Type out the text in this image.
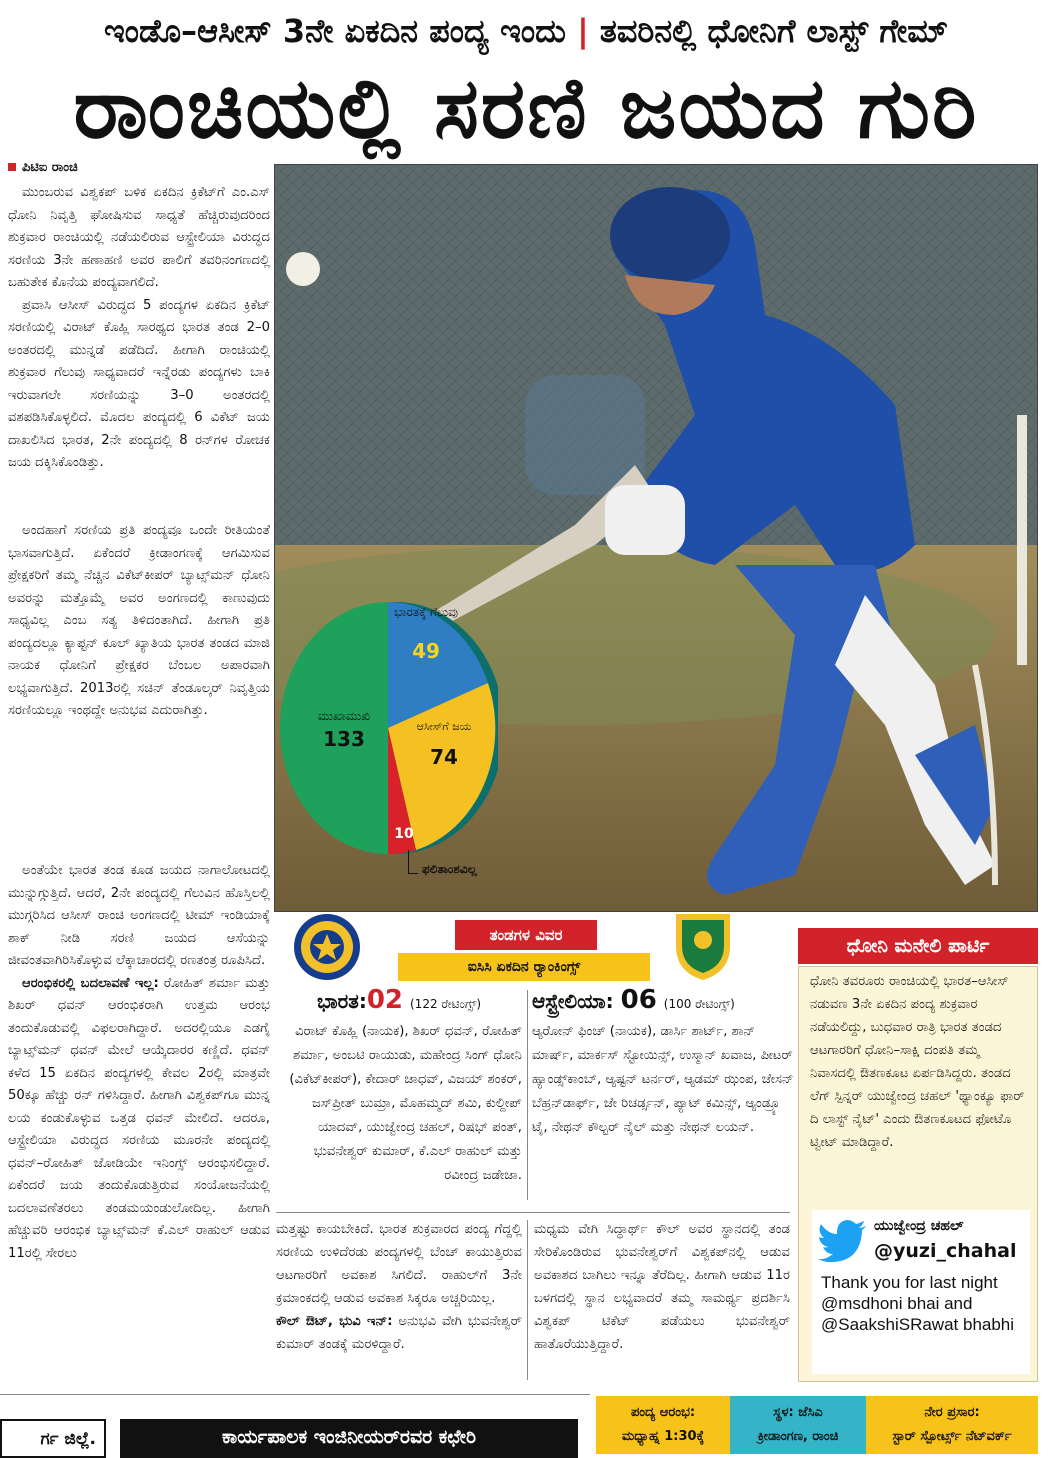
ಇಂಡೊ–ಆಸೀಸ್ 3ನೇ ಏಕದಿನ ಪಂದ್ಯ ಇಂದು | ತವರಿನಲ್ಲಿ ಧೋನಿಗೆ ಲಾಸ್ಟ್ ಗೇಮ್
ರಾಂಚಿಯಲ್ಲಿ ಸರಣಿ ಜಯದ ಗುರಿ
ಪಿಟಿಐ ರಾಂಚಿ

ಮುಂಬರುವ ವಿಶ್ವಕಪ್ ಬಳಿಕ ಏಕದಿನ ಕ್ರಿಕೆಟ್‌ಗೆ ಎಂ.ಎಸ್ ಧೋನಿ ನಿವೃತ್ತಿ ಘೋಷಿಸುವ ಸಾಧ್ಯತೆ ಹೆಚ್ಚಿರುವುದರಿಂದ ಶುಕ್ರವಾರ ರಾಂಚಿಯಲ್ಲಿ ನಡೆಯಲಿರುವ ಆಸ್ಟ್ರೇಲಿಯಾ ವಿರುದ್ಧದ ಸರಣಿಯ 3ನೇ ಹಣಾಹಣಿ ಅವರ ಪಾಲಿಗೆ ತವರಿನಂಗಣದಲ್ಲಿ ಬಹುತೇಕ ಕೊನೆಯ ಪಂದ್ಯವಾಗಲಿದೆ.

ಪ್ರವಾಸಿ ಆಸೀಸ್ ವಿರುದ್ಧದ 5 ಪಂದ್ಯಗಳ ಏಕದಿನ ಕ್ರಿಕೆಟ್ ಸರಣಿಯಲ್ಲಿ ವಿರಾಟ್ ಕೊಹ್ಲಿ ಸಾರಥ್ಯದ ಭಾರತ ತಂಡ 2–0 ಅಂತರದಲ್ಲಿ ಮುನ್ನಡೆ ಪಡೆದಿದೆ. ಹೀಗಾಗಿ ರಾಂಚಿಯಲ್ಲಿ ಶುಕ್ರವಾರ ಗೆಲುವು ಸಾಧ್ಯವಾದರೆ ಇನ್ನೆರಡು ಪಂದ್ಯಗಳು ಬಾಕಿ ಇರುವಾಗಲೇ ಸರಣಿಯನ್ನು 3–0 ಅಂತರದಲ್ಲಿ ವಶಪಡಿಸಿಕೊಳ್ಳಲಿದೆ. ಮೊದಲ ಪಂದ್ಯದಲ್ಲಿ 6 ವಿಕೆಟ್ ಜಯ ದಾಖಲಿಸಿದ ಭಾರತ, 2ನೇ ಪಂದ್ಯದಲ್ಲಿ 8 ರನ್‌ಗಳ ರೋಚಕ ಜಯ ದಕ್ಕಿಸಿಕೊಂಡಿತ್ತು.

ಅಂದಹಾಗೆ ಸರಣಿಯ ಪ್ರತಿ ಪಂದ್ಯವೂ ಒಂದೇ ರೀತಿಯಂತೆ ಭಾಸವಾಗುತ್ತಿದೆ. ಏಕೆಂದರೆ ಕ್ರೀಡಾಂಗಣಕ್ಕೆ ಆಗಮಿಸುವ ಪ್ರೇಕ್ಷಕರಿಗೆ ತಮ್ಮ ನೆಚ್ಚಿನ ವಿಕೆಟ್‌ಕೀಪರ್ ಬ್ಯಾಟ್ಸ್‌ಮನ್ ಧೋನಿ ಅವರನ್ನು ಮತ್ತೊಮ್ಮೆ ಅವರ ಅಂಗಣದಲ್ಲಿ ಕಾಣುವುದು ಸಾಧ್ಯವಿಲ್ಲ ಎಂಬ ಸತ್ಯ ತಿಳಿದಂತಾಗಿದೆ. ಹೀಗಾಗಿ ಪ್ರತಿ ಪಂದ್ಯದಲ್ಲೂ ಕ್ಯಾಪ್ಟನ್ ಕೂಲ್ ಖ್ಯಾತಿಯ ಭಾರತ ತಂಡದ ಮಾಜಿ ನಾಯಕ ಧೋನಿಗೆ ಪ್ರೇಕ್ಷಕರ ಬೆಂಬಲ ಅಪಾರವಾಗಿ ಲಭ್ಯವಾಗುತ್ತಿದೆ. 2013ರಲ್ಲಿ ಸಚಿನ್ ತೆಂಡೂಲ್ಕರ್ ನಿವೃತ್ತಿಯ ಸರಣಿಯಲ್ಲೂ ಇಂಥದ್ದೇ ಅನುಭವ ಎದುರಾಗಿತ್ತು.

ಅಂತೆಯೇ ಭಾರತ ತಂಡ ಕೂಡ ಜಯದ ನಾಗಾಲೋಟದಲ್ಲಿ ಮುನ್ನುಗ್ಗುತ್ತಿದೆ. ಆದರೆ, 2ನೇ ಪಂದ್ಯದಲ್ಲಿ ಗೆಲುವಿನ ಹೊಸ್ತಿಲಲ್ಲಿ ಮುಗ್ಗರಿಸಿದ ಆಸೀಸ್ ರಾಂಚಿ ಅಂಗಣದಲ್ಲಿ ಟೀಮ್ ಇಂಡಿಯಾಕ್ಕೆ ಶಾಕ್ ನೀಡಿ ಸರಣಿ ಜಯದ ಆಸೆಯನ್ನು ಜೀವಂತವಾಗಿರಿಸಿಕೊಳ್ಳುವ ಲೆಕ್ಕಾಚಾರದಲ್ಲಿ ರಣತಂತ್ರ ರೂಪಿಸಿದೆ.

ಆರಂಭಿಕರಲ್ಲಿ ಬದಲಾವಣೆ ಇಲ್ಲ: ರೋಹಿತ್ ಶರ್ಮಾ ಮತ್ತು ಶಿಖರ್ ಧವನ್ ಆರಂಭಿಕರಾಗಿ ಉತ್ತಮ ಆರಂಭ ತಂದುಕೊಡುವಲ್ಲಿ ವಿಫಲರಾಗಿದ್ದಾರೆ. ಅದರಲ್ಲಿಯೂ ಎಡಗೈ ಬ್ಯಾಟ್ಸ್‌ಮನ್ ಧವನ್ ಮೇಲೆ ಆಯ್ಕೆದಾರರ ಕಣ್ಣಿದೆ. ಧವನ್ ಕಳೆದ 15 ಏಕದಿನ ಪಂದ್ಯಗಳಲ್ಲಿ ಕೇವಲ 2ರಲ್ಲಿ ಮಾತ್ರವೇ 50ಕ್ಕೂ ಹೆಚ್ಚು ರನ್ ಗಳಿಸಿದ್ದಾರೆ. ಹೀಗಾಗಿ ವಿಶ್ವಕಪ್‌ಗೂ ಮುನ್ನ ಲಯ ಕಂಡುಕೊಳ್ಳುವ ಒತ್ತಡ ಧವನ್ ಮೇಲಿದೆ. ಆದರೂ, ಆಸ್ಟ್ರೇಲಿಯಾ ವಿರುದ್ಧದ ಸರಣಿಯ ಮೂರನೇ ಪಂದ್ಯದಲ್ಲಿ ಧವನ್–ರೋಹಿತ್ ಜೋಡಿಯೇ ಇನಿಂಗ್ಸ್ ಆರಂಭಿಸಲಿದ್ದಾರೆ. ಏಕೆಂದರೆ ಜಯ ತಂದುಕೊಡುತ್ತಿರುವ ಸಂಯೋಜನೆಯಲ್ಲಿ ಬದಲಾವಣೆತರಲು ತಂಡಮಯಂಡುಲೋದಿಲ್ಲ. ಹೀಗಾಗಿ ಹೆಚ್ಚುವರಿ ಆರಂಭಿಕ ಬ್ಯಾಟ್ಸ್‌ಮನ್ ಕೆ.ಎಲ್ ರಾಹುಲ್ ಆಡುವ 11ರಲ್ಲಿ ಸೇರಲು

ಭಾರತಕ್ಕೆ ಗೆಲುವು
49
ಮುಖಾಮುಖಿ
133
ಆಸೀಸ್‌ಗೆ ಜಯ
74
10
ಫಲಿತಾಂಶವಿಲ್ಲ
ತಂಡಗಳ ವಿವರ
ಐಸಿಸಿ ಏಕದಿನ ರ‍್ಯಾಂಕಿಂಗ್ಸ್
ಭಾರತ:02 (122 ರೇಟಿಂಗ್ಸ್)
ವಿರಾಟ್ ಕೊಹ್ಲಿ (ನಾಯಕ), ಶಿಖರ್ ಧವನ್, ರೋಹಿತ್ ಶರ್ಮಾ, ಅಂಬಟಿ ರಾಯುಡು, ಮಹೇಂದ್ರ ಸಿಂಗ್ ಧೋನಿ (ವಿಕೆಟ್‌ಕೀಪರ್), ಕೇದಾರ್ ಜಾಧವ್, ವಿಜಯ್ ಶಂಕರ್, ಜಸ್‌ಪ್ರೀತ್ ಬುಮ್ರಾ, ಮೊಹಮ್ಮದ್ ಶಮಿ, ಕುಲ್ದೀಪ್ ಯಾದವ್, ಯುಜ್ವೇಂದ್ರ ಚಹಲ್, ರಿಷಭ್ ಪಂತ್, ಭುವನೇಶ್ವರ್ ಕುಮಾರ್, ಕೆ.ಎಲ್ ರಾಹುಲ್ ಮತ್ತು ರವೀಂದ್ರ ಜಡೇಜಾ.
ಆಸ್ಟ್ರೇಲಿಯಾ: 06 (100 ರೇಟಿಂಗ್ಸ್)
ಆ್ಯರೋನ್ ಫಿಂಚ್ (ನಾಯಕ), ಡಾರ್ಸಿ ಶಾರ್ಟ್, ಶಾನ್ ಮಾರ್ಷ್, ಮಾರ್ಕಸ್ ಸ್ಟೋಯಿನ್ಸ್, ಉಸ್ಮಾನ್ ಖವಾಜ, ಪೀಟರ್ ಹ್ಯಾಂಡ್ಸ್‌ಕಾಂಬ್, ಆ್ಯಷ್ಟನ್ ಟರ್ನರ್, ಆ್ಯಡಮ್ ಝಂಪ, ಜೇಸನ್ ಬೆಹ್ರನ್‌ಡಾರ್ಫ್, ಜೇ ರಿಚರ್ಡ್ಸನ್, ಪ್ಯಾಟ್ ಕಮಿನ್ಸ್, ಆ್ಯಂಡ್ರ್ಯೂ ಟೈ, ನೇಥನ್ ಕೌಲ್ಟರ್ ನೈಲ್ ಮತ್ತು ನೇಥನ್ ಲಯನ್.

ಮತ್ತಷ್ಟು ಕಾಯಬೇಕಿದೆ. ಭಾರತ ಶುಕ್ರವಾರದ ಪಂದ್ಯ ಗೆದ್ದಲ್ಲಿ ಸರಣಿಯ ಉಳಿದೆರಡು ಪಂದ್ಯಗಳಲ್ಲಿ ಬೆಂಚ್ ಕಾಯುತ್ತಿರುವ ಆಟಗಾರರಿಗೆ ಅವಕಾಶ ಸಿಗಲಿದೆ. ರಾಹುಲ್‌ಗೆ 3ನೇ ಕ್ರಮಾಂಕದಲ್ಲಿ ಆಡುವ ಅವಕಾಶ ಸಿಕ್ಕರೂ ಅಚ್ಚರಿಯಿಲ್ಲ.

ಕೌಲ್ ಔಟ್, ಭುವಿ ಇನ್: ಅನುಭವಿ ವೇಗಿ ಭುವನೇಶ್ವರ್ ಕುಮಾರ್ ತಂಡಕ್ಕೆ ಮರಳಿದ್ದಾರೆ.

ಮಧ್ಯಮ ವೇಗಿ ಸಿದ್ಧಾರ್ಥ್ ಕೌಲ್ ಅವರ ಸ್ಥಾನದಲ್ಲಿ ತಂಡ ಸೇರಿಕೊಂಡಿರುವ ಭುವನೇಶ್ವರ್‌ಗೆ ವಿಶ್ವಕಪ್‌ನಲ್ಲಿ ಆಡುವ ಅವಕಾಶದ ಬಾಗಿಲು ಇನ್ನೂ ತೆರೆದಿಲ್ಲ. ಹೀಗಾಗಿ ಆಡುವ 11ರ ಬಳಗದಲ್ಲಿ ಸ್ಥಾನ ಲಭ್ಯವಾದರೆ ತಮ್ಮ ಸಾಮರ್ಥ್ಯ ಪ್ರದರ್ಶಿಸಿ ವಿಶ್ವಕಪ್ ಟಿಕೆಟ್ ಪಡೆಯಲು ಭುವನೇಶ್ವರ್ ಹಾತೊರೆಯುತ್ತಿದ್ದಾರೆ.

ಧೋನಿ ಮನೇಲಿ ಪಾರ್ಟಿ
ಧೋನಿ ತವರೂರು ರಾಂಚಿಯಲ್ಲಿ ಭಾರತ–ಆಸೀಸ್ ನಡುವಣ 3ನೇ ಏಕದಿನ ಪಂದ್ಯ ಶುಕ್ರವಾರ ನಡೆಯಲಿದ್ದು, ಬುಧವಾರ ರಾತ್ರಿ ಭಾರತ ತಂಡದ ಆಟಗಾರರಿಗೆ ಧೋನಿ–ಸಾಕ್ಷಿ ದಂಪತಿ ತಮ್ಮ ನಿವಾಸದಲ್ಲಿ ಔತಣಕೂಟ ಏರ್ಪಡಿಸಿದ್ದರು. ತಂಡದ ಲೆಗ್ ಸ್ಪಿನ್ನರ್ ಯುಜ್ವೇಂದ್ರ ಚಹಲ್ 'ಥ್ಯಾಂಕ್ಯೂ ಫಾರ್ ದಿ ಲಾಸ್ಟ್ ನೈಟ್' ಎಂದು ಔತಣಕೂಟದ ಫೋಟೊ ಟ್ವೀಟ್ ಮಾಡಿದ್ದಾರೆ.
ಯುಜ್ವೇಂದ್ರ ಚಹಲ್
@yuzi_chahal
Thank you for last night @msdhoni bhai and @SaakshiSRawat bhabhi
ಪಂದ್ಯ ಆರಂಭ:
ಮಧ್ಯಾಹ್ನ 1:30ಕ್ಕೆ
ಸ್ಥಳ: ಜೆಸಿಎ
ಕ್ರೀಡಾಂಗಣ, ರಾಂಚಿ
ನೇರ ಪ್ರಸಾರ:
ಸ್ಟಾರ್ ಸ್ಪೋರ್ಟ್ಸ್ ನೆಟ್‌ವರ್ಕ್
ರ್ಗ ಜಿಲ್ಲೆ.	ಕಾರ್ಯಪಾಲಕ ಇಂಜಿನೀಯರ್‌ರವರ ಕಛೇರಿ
